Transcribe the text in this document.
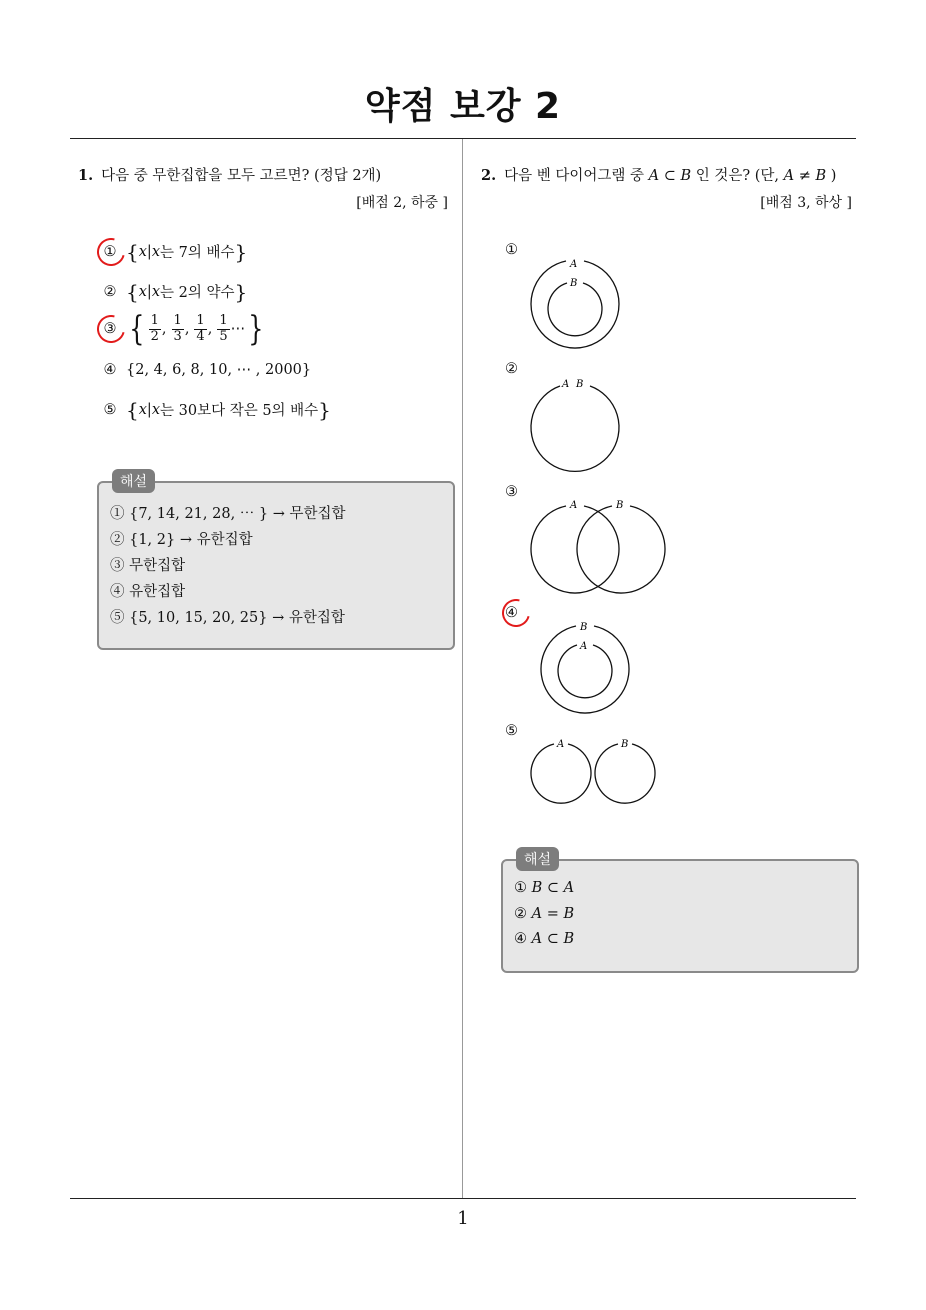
약점 보강 2
1. 다음 중 무한집합을 모두 고르면? (정답 2개)
[배점 2, 하중 ]
① { x | x 는 7의 배수 }
② { x | x 는 2의 약수 }
③ { $\frac{1}{2}$ , $\frac{1}{3}$ , $\frac{1}{4}$ , $\frac{1}{5}$ ⋯ }
④ {2, 4, 6, 8, 10, ⋯ , 2000}
⑤ { x | x 는 30보다 작은 5의 배수 }
해설
① {7, 14, 21, 28, ⋯ } → 무한집합
② {1, 2} → 유한집합
③ 무한집합
④ 유한집합
⑤ {5, 10, 15, 20, 25} → 유한집합
2. 다음 벤 다이어그램 중 A ⊂ B 인 것은? (단, A ≠ B )
[배점 3, 하상 ]
①
A
B
②
A B
③
A	B
④
B
A
⑤
A	B
해설
① B ⊂ A
② A = B
④ A ⊂ B
1
